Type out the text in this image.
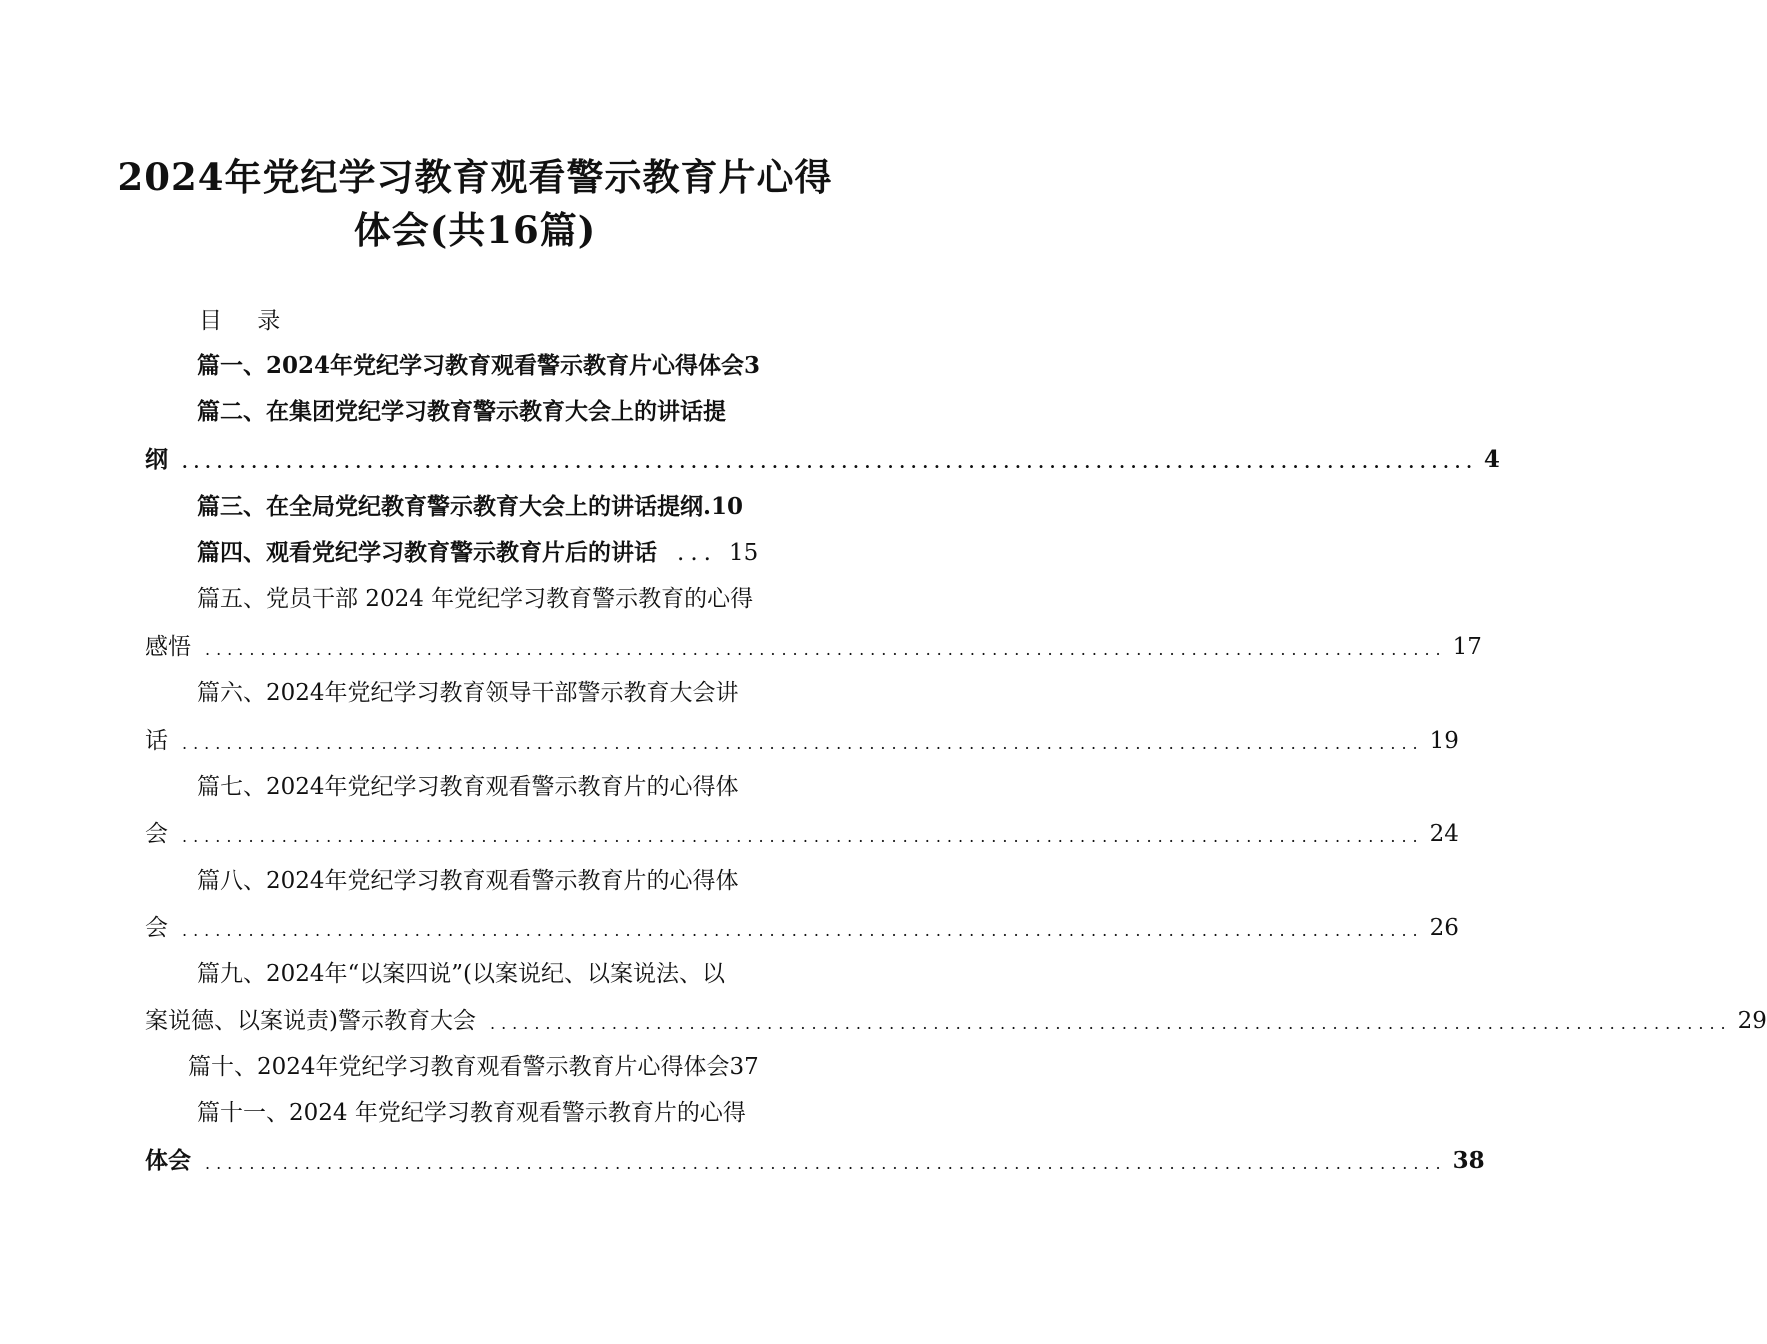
2024年党纪学习教育观看警示教育片心得
体会(共16篇)
目 录
篇一、2024年党纪学习教育观看警示教育片心得体会3
篇二、在集团党纪学习教育警示教育大会上的讲话提
纲 ................................................................................................................ 4
篇三、在全局党纪教育警示教育大会上的讲话提纲.10
篇四、观看党纪学习教育警示教育片后的讲话 ... 15
篇五、党员干部 2024 年党纪学习教育警示教育的心得
感悟 ................................................................................................................ 17
篇六、2024年党纪学习教育领导干部警示教育大会讲
话 ................................................................................................................ 19
篇七、2024年党纪学习教育观看警示教育片的心得体
会 ................................................................................................................ 24
篇八、2024年党纪学习教育观看警示教育片的心得体
会 ................................................................................................................ 26
篇九、2024年“以案四说”(以案说纪、以案说法、以
案说德、以案说责)警示教育大会 ................................................................................................................ 29
篇十、2024年党纪学习教育观看警示教育片心得体会37
篇十一、2024 年党纪学习教育观看警示教育片的心得
体会 ................................................................................................................ 38
